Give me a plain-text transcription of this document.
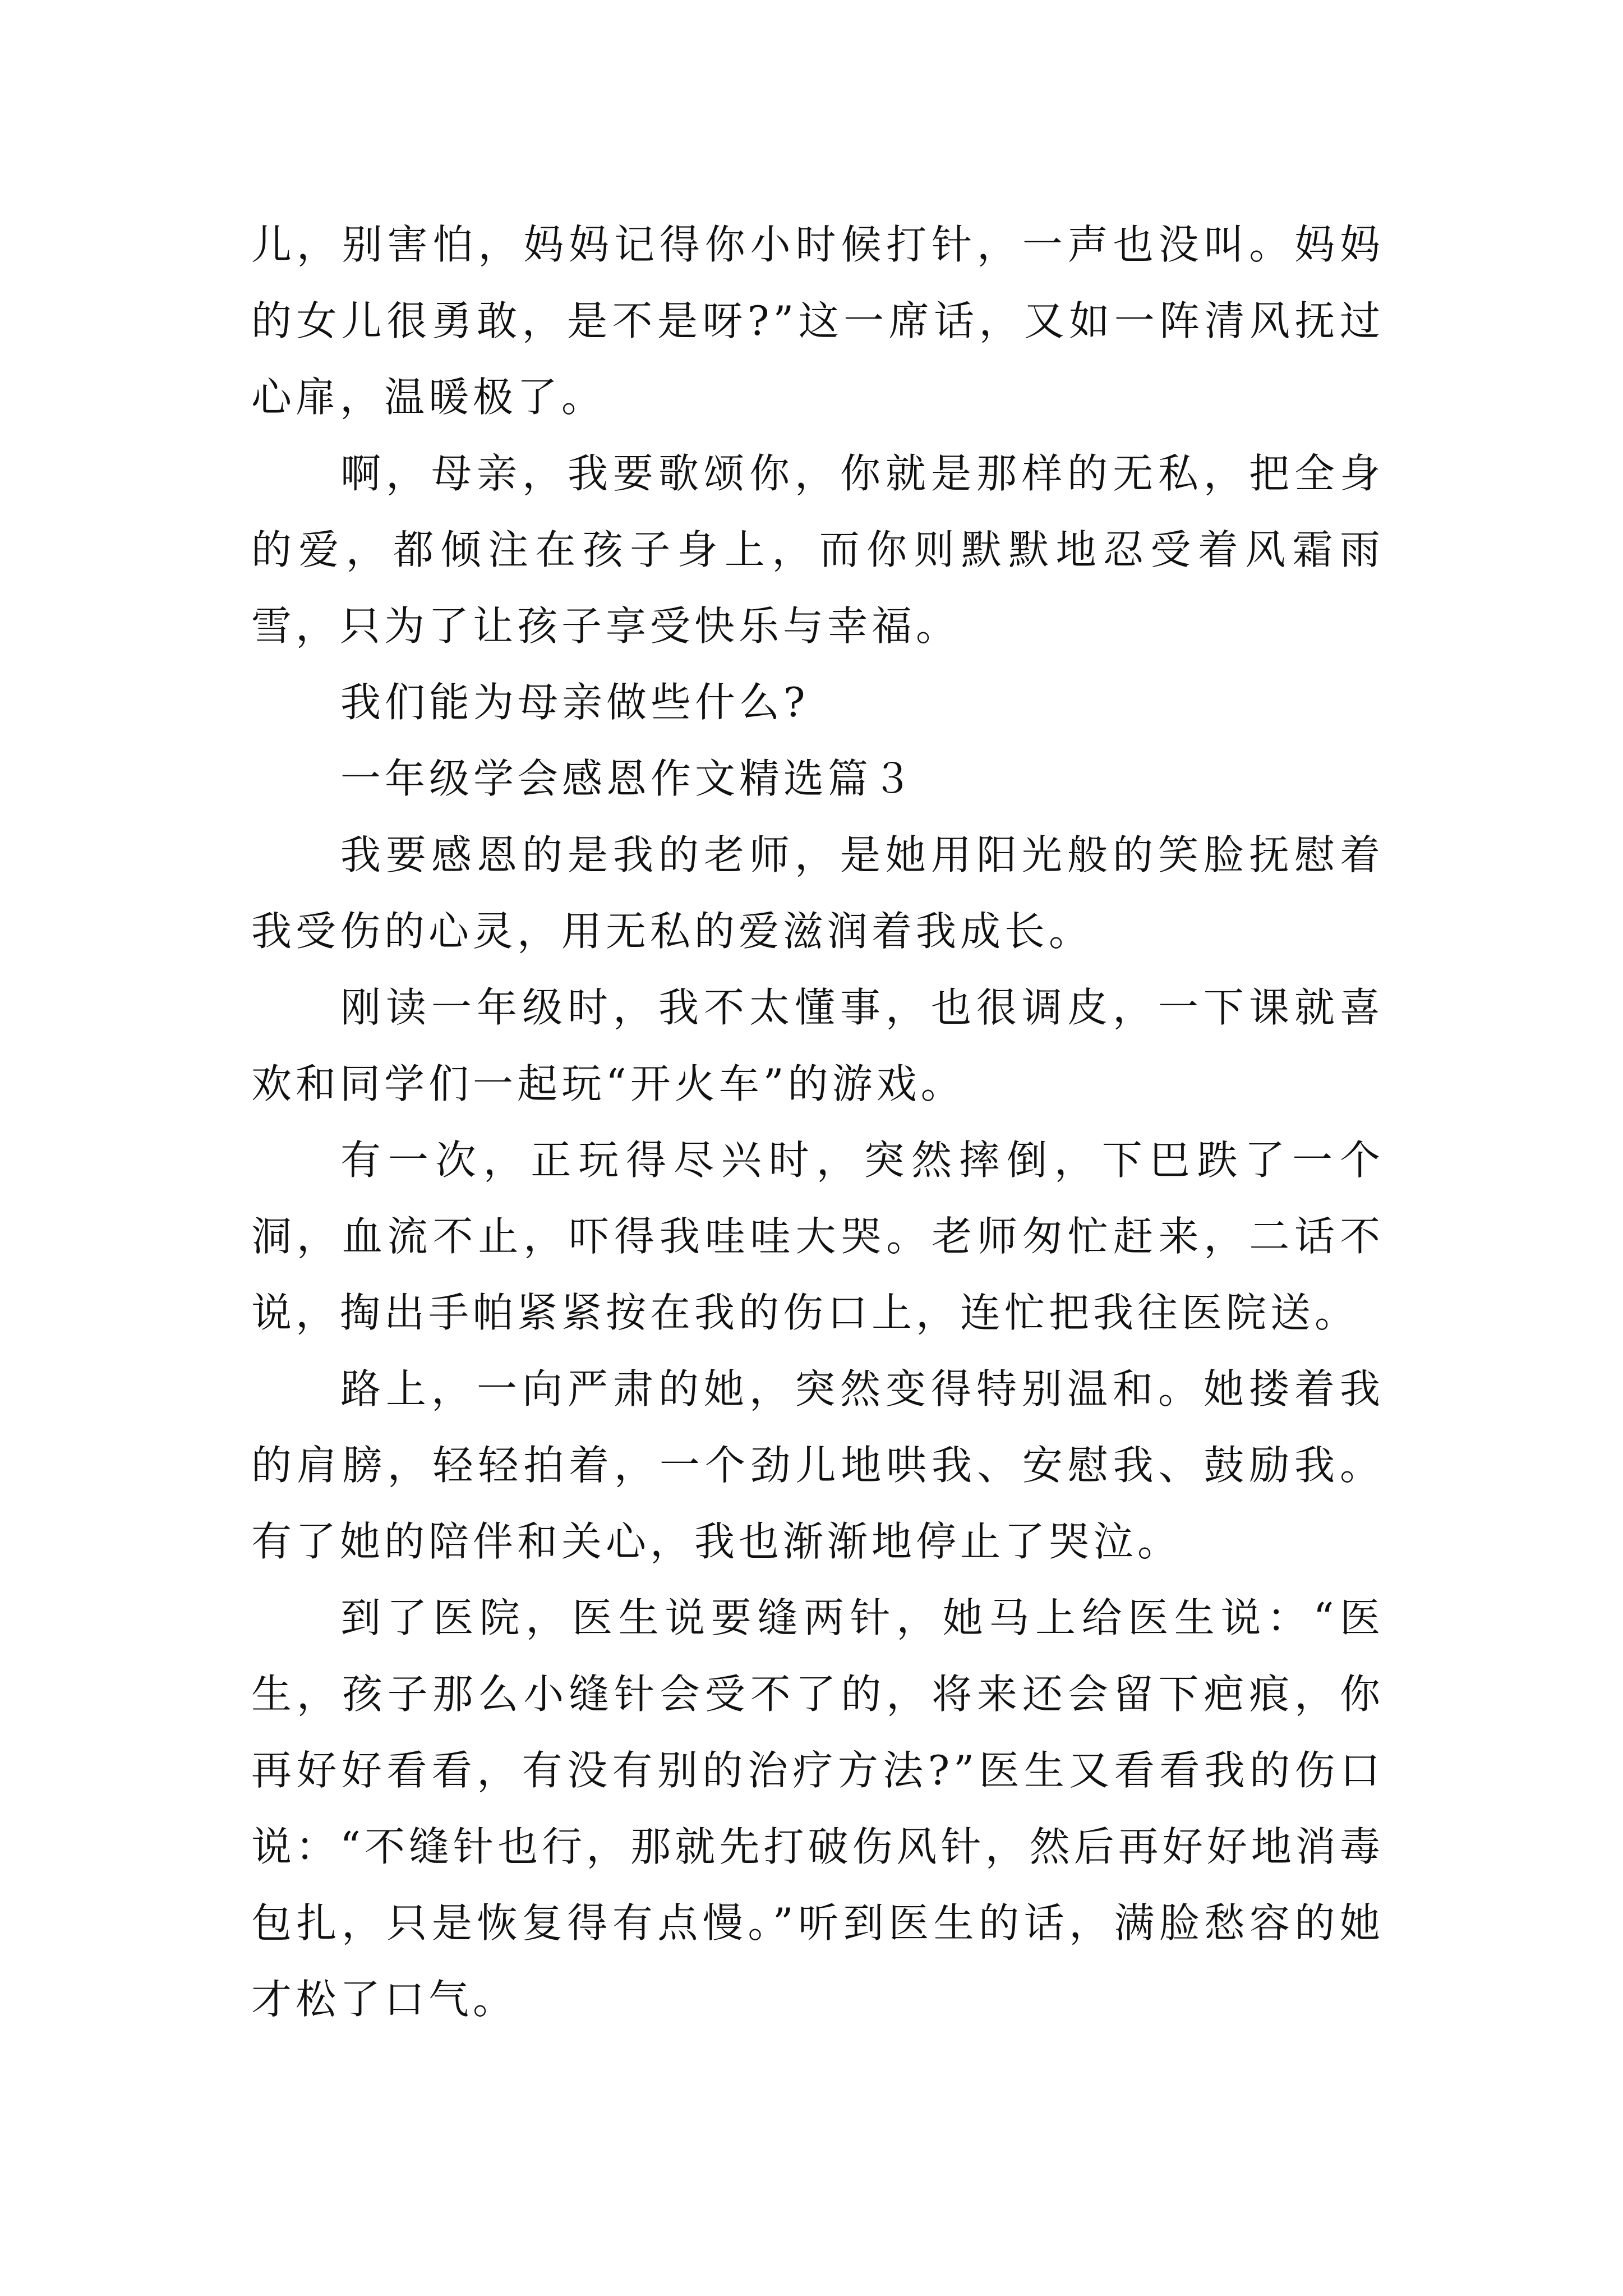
儿，别害怕，妈妈记得你小时候打针，一声也没叫。妈妈的女儿很勇敢，是不是呀?”这一席话，又如一阵清风抚过心扉，温暖极了。

啊，母亲，我要歌颂你，你就是那样的无私，把全身的爱，都倾注在孩子身上，而你则默默地忍受着风霜雨雪，只为了让孩子享受快乐与幸福。

我们能为母亲做些什么?

一年级学会感恩作文精选篇３

我要感恩的是我的老师，是她用阳光般的笑脸抚慰着我受伤的心灵，用无私的爱滋润着我成长。

刚读一年级时，我不太懂事，也很调皮，一下课就喜欢和同学们一起玩“开火车”的游戏。

有一次，正玩得尽兴时，突然摔倒，下巴跌了一个洞，血流不止，吓得我哇哇大哭。老师匆忙赶来，二话不说，掏出手帕紧紧按在我的伤口上，连忙把我往医院送。

路上，一向严肃的她，突然变得特别温和。她搂着我的肩膀，轻轻拍着，一个劲儿地哄我、安慰我、鼓励我。有了她的陪伴和关心，我也渐渐地停止了哭泣。

到了医院，医生说要缝两针，她马上给医生说：“医生，孩子那么小缝针会受不了的，将来还会留下疤痕，你再好好看看，有没有别的治疗方法?”医生又看看我的伤口说：“不缝针也行，那就先打破伤风针，然后再好好地消毒包扎，只是恢复得有点慢。”听到医生的话，满脸愁容的她才松了口气。
